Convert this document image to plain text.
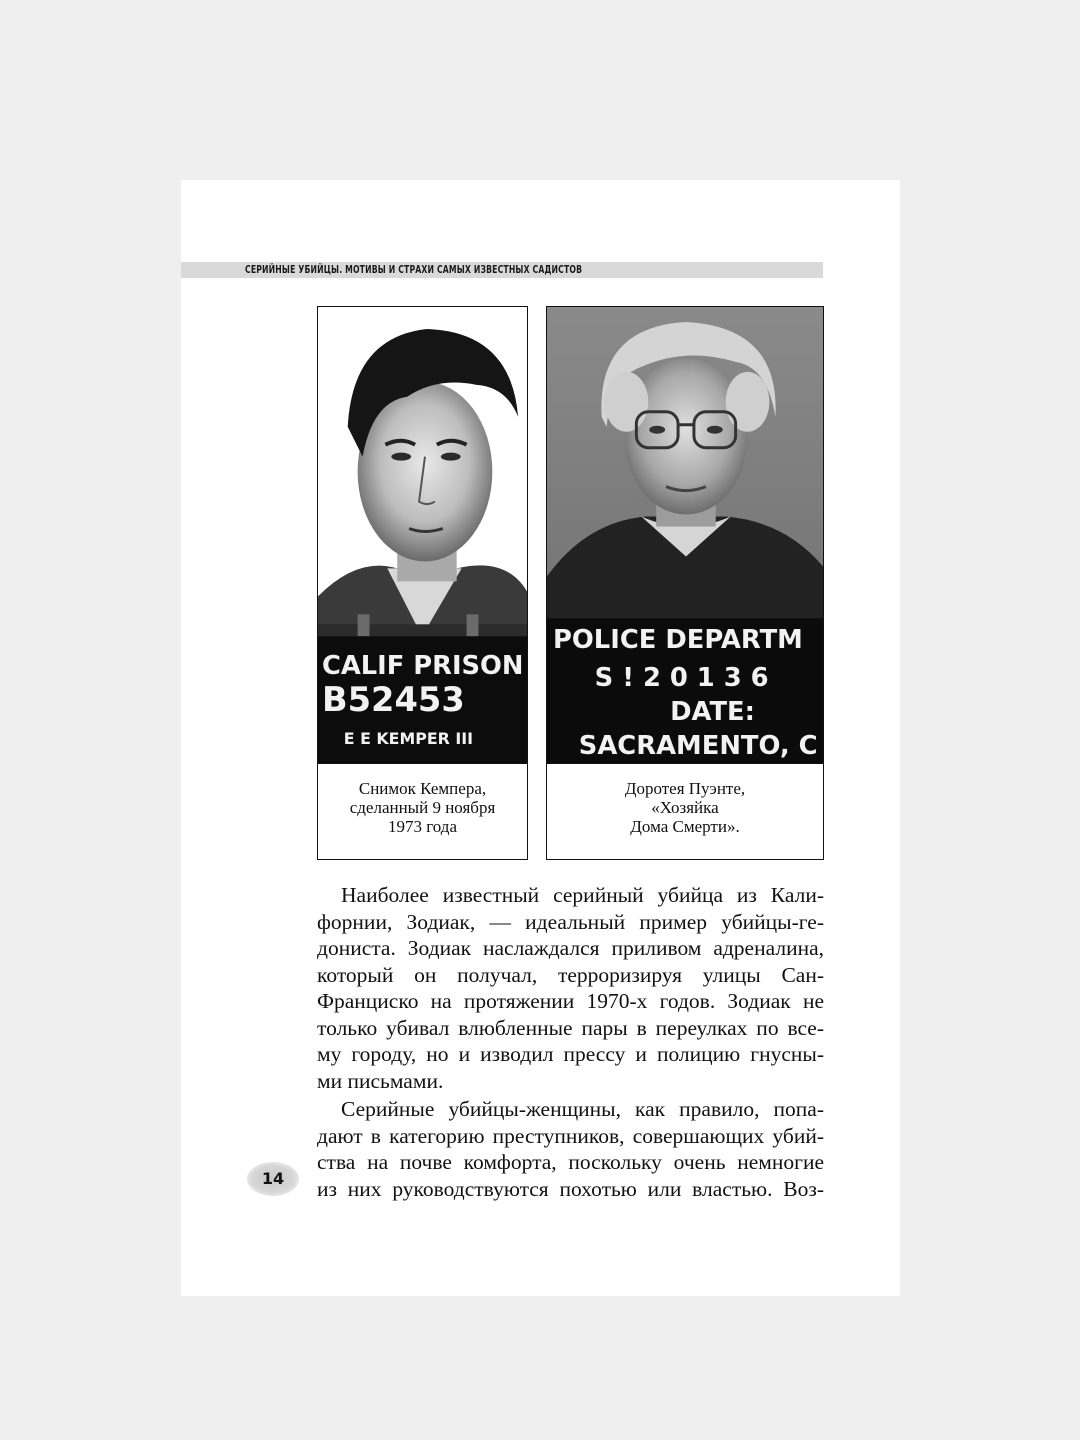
СЕРИЙНЫЕ УБИЙЦЫ. МОТИВЫ И СТРАХИ САМЫХ ИЗВЕСТНЫХ САДИСТОВ
CALIF PRISON
B52453
E E KEMPER III
Снимок Кемпера,
сделанный 9 ноября
1973 года
POLICE DEPARTM
S ! 2 0 1 3 6
DATE:
SACRAMENTO, C
Доротея Пуэнте,
«Хозяйка
Дома Смерти».
Наиболее известный серийный убийца из Кали-
форнии, Зодиак, — идеальный пример убийцы-ге-
дониста. Зодиак наслаждался приливом адреналина,
который он получал, терроризируя улицы Сан-
Франциско на протяжении 1970-х годов. Зодиак не
только убивал влюбленные пары в переулках по все-
му городу, но и изводил прессу и полицию гнусны-
ми письмами.
Серийные убийцы-женщины, как правило, попа-
дают в категорию преступников, совершающих убий-
ства на почве комфорта, поскольку очень немногие
из них руководствуются похотью или властью. Воз-
14
